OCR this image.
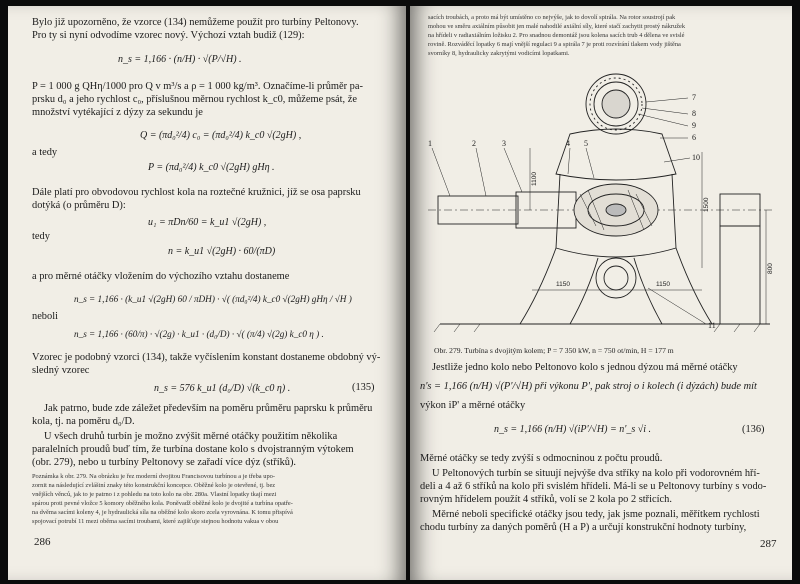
Bylo již upozorněno, že vzorce (134) nemůžeme použít pro turbíny Peltonovy.
Pro ty si nyní odvodíme vzorec nový. Výchozí vztah budiž (129):
n_s = 1,166 · (n/H) · √(P/√H) .
P = 1 000 g QHη/1000 pro Q v m³/s a ρ = 1 000 kg/m³. Označíme-li průměr pa-
prsku d₀ a jeho rychlost c₀, příslušnou měrnou rychlost k_c0, můžeme psát, že
množství vytékající z dýzy za sekundu je
Q = (πd₀²/4) c₀ = (πd₀²/4) k_c0 √(2gH) ,
a tedy
P = (πd₀²/4) k_c0 √(2gH) gHη .
Dále platí pro obvodovou rychlost kola na roztečné kružnici, jíž se osa paprsku
dotýká (o průměru D):
u₁ = πDn/60 = k_u1 √(2gH) ,
tedy
n = k_u1 √(2gH) · 60/(πD)
a pro měrné otáčky vložením do výchozího vztahu dostaneme
n_s = 1,166 · (k_u1 √(2gH) 60 / πDH) · √( (πd₀²/4) k_c0 √(2gH) gHη / √H )
neboli
n_s = 1,166 · (60/π) · √(2g) · k_u1 · (d₀/D) · √( (π/4) √(2g) k_c0 η ) .
Vzorec je podobný vzorci (134), takže vyčíslením konstant dostaneme obdobný vý-
sledný vzorec
n_s = 576 k_u1 (d₀/D) √(k_c0 η) .	(135)
Jak patrno, bude zde záležet především na poměru průměru paprsku k průměru
kola, tj. na poměru d₀/D.
U všech druhů turbín je možno zvýšit měrné otáčky použitím několika
paralelních proudů buď tím, že turbína dostane kolo s dvojstranným výtokem
(obr. 279), nebo u turbíny Peltonovy se zařadí více dýz (stříků).
Poznámka k obr. 279. Na obrázku je řez moderní dvojitou Francisovou turbínou a je třeba upo-
zornit na následující zvláštní znaky této konstrukční koncepce. Oběžné kolo je otevřené, tj. bez
vnějších věnců, jak to je patrno i z pohledu na toto kolo na obr. 280a. Vlastní lopatky tkají mezi
spárou proti pevné vložce 5 komory oběžného kola. Poněvadž oběžné kolo je dvojité a turbína opatře-
na dvěma sacími koleny 4, je hydraulická síla na oběžné kolo skoro zcela vyrovnána. K tomu přispívá
spojovací potrubí 11 mezi oběma sacími troubami, které zajišťuje stejnou hodnotu vakua v obou
286
sacích troubách, a proto má být umístěno co nejvýše, jak to dovolí spirála. Na rotor soustrojí pak
mohou ve směru axiálním působit jen malé nahodilé axiální síly, které stačí zachytit prostý nákružek
na hřídeli v radiaxiálním ložisku 2. Pro snadnou demontáž jsou kolena sacích trub 4 dělena ve svislé
rovině. Rozváděcí lopatky 6 mají vnější regulaci 9 a spirála 7 je proti rozvírání tlakem vody jištěna
svorníky 8, hydraulicky zakrytými vodicími lopatkami.
1	2	3	4 5
6
7
8
9
10
11
1150	1150
1500
1100
800
Obr. 279. Turbína s dvojitým kolem; P = 7 350 kW, n = 750 ot/min, H = 177 m
Jestliže jedno kolo nebo Peltonovo kolo s jednou dýzou má měrné otáčky
n's = 1,166 (n/H) √(P'/√H) při výkonu P', pak stroj o i kolech (i dýzách) bude mít
výkon iP' a měrné otáčky
n_s = 1,166 (n/H) √(iP'/√H) = n'_s √i .	(136)
Měrné otáčky se tedy zvýší s odmocninou z počtu proudů.
U Peltonových turbín se situují nejvýše dva stříky na kolo při vodorovném hří-
deli a 4 až 6 stříků na kolo při svislém hřídeli. Má-li se u Peltonovy turbíny s vodo-
rovným hřídelem použít 4 stříků, volí se 2 kola po 2 střicích.
Měrné neboli specifické otáčky jsou tedy, jak jsme poznali, měřítkem rychlosti
chodu turbíny za daných poměrů (H a P) a určují konstrukční hodnoty turbíny,
287
